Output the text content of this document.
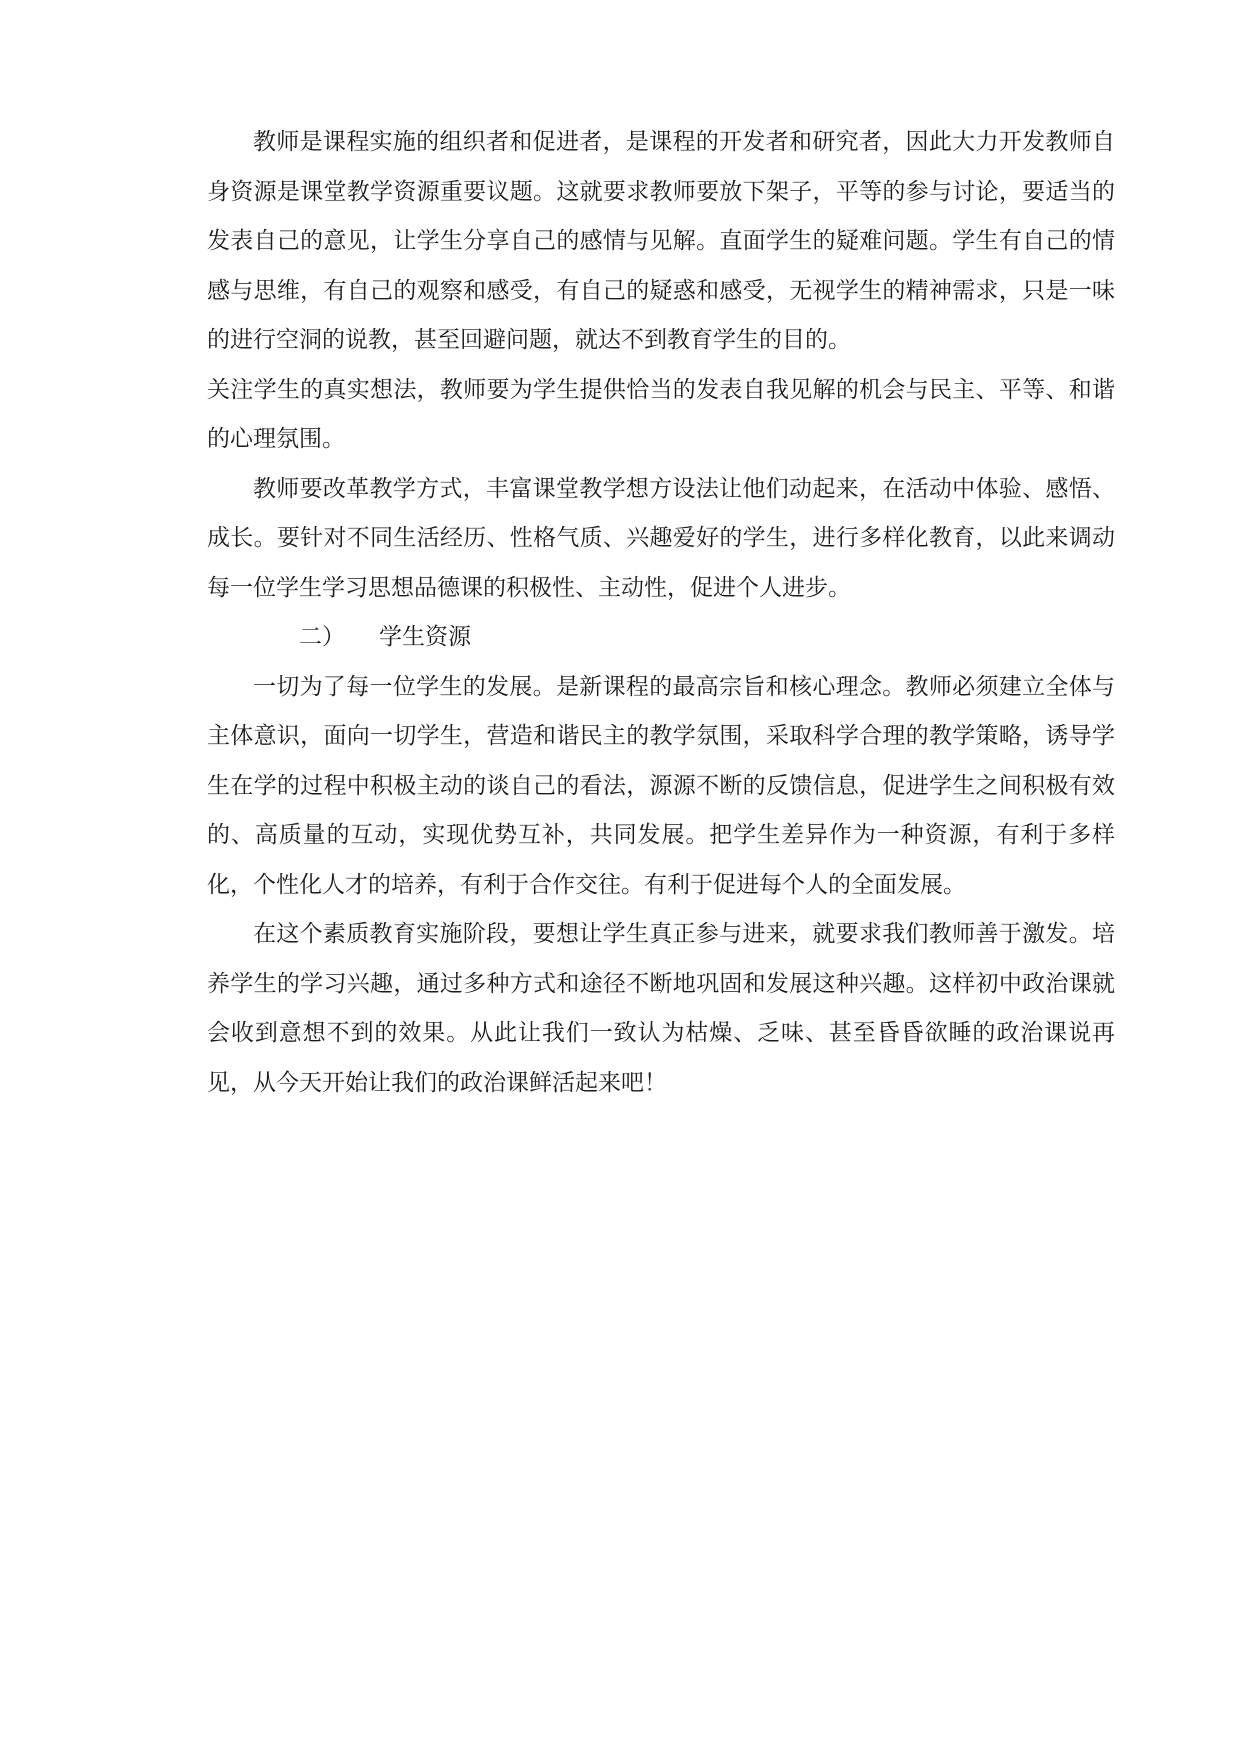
教师是课程实施的组织者和促进者，是课程的开发者和研究者，因此大力开发教师自身资源是课堂教学资源重要议题。这就要求教师要放下架子，平等的参与讨论，要适当的发表自己的意见，让学生分享自己的感情与见解。直面学生的疑难问题。学生有自己的情感与思维，有自己的观察和感受，有自己的疑惑和感受，无视学生的精神需求，只是一味的进行空洞的说教，甚至回避问题，就达不到教育学生的目的。

关注学生的真实想法，教师要为学生提供恰当的发表自我见解的机会与民主、平等、和谐的心理氛围。

教师要改革教学方式，丰富课堂教学想方设法让他们动起来，在活动中体验、感悟、成长。要针对不同生活经历、性格气质、兴趣爱好的学生，进行多样化教育，以此来调动每一位学生学习思想品德课的积极性、主动性，促进个人进步。

二） 学生资源

一切为了每一位学生的发展。是新课程的最高宗旨和核心理念。教师必须建立全体与主体意识，面向一切学生，营造和谐民主的教学氛围，采取科学合理的教学策略，诱导学生在学的过程中积极主动的谈自己的看法，源源不断的反馈信息，促进学生之间积极有效的、高质量的互动，实现优势互补，共同发展。把学生差异作为一种资源，有利于多样化，个性化人才的培养，有利于合作交往。有利于促进每个人的全面发展。

在这个素质教育实施阶段，要想让学生真正参与进来，就要求我们教师善于激发。培养学生的学习兴趣，通过多种方式和途径不断地巩固和发展这种兴趣。这样初中政治课就会收到意想不到的效果。从此让我们一致认为枯燥、乏味、甚至昏昏欲睡的政治课说再见，从今天开始让我们的政治课鲜活起来吧！
